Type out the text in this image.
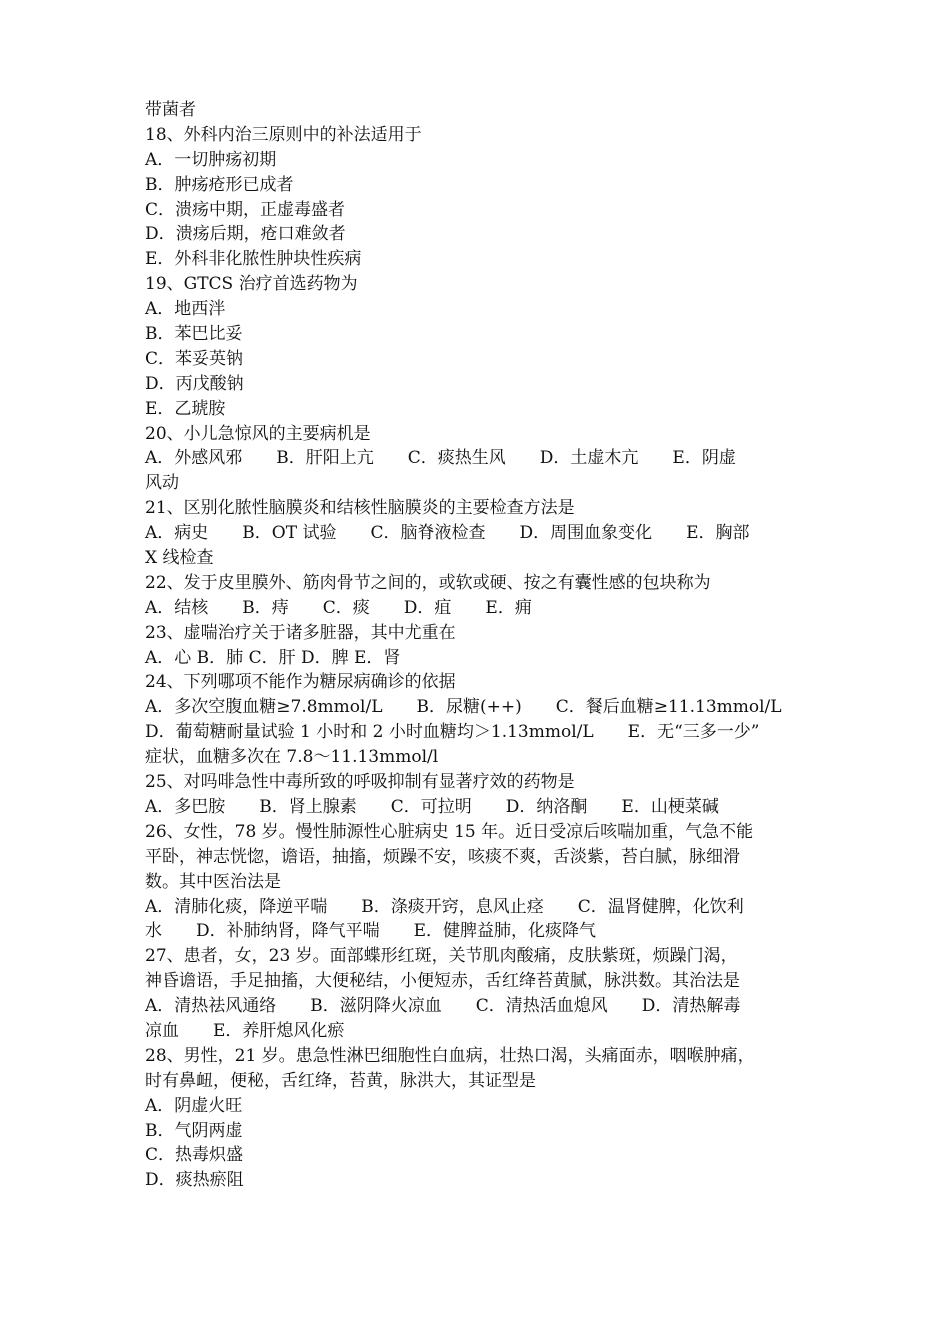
带菌者
18、外科内治三原则中的补法适用于
A．一切肿疡初期
B．肿疡疮形已成者
C．溃疡中期，正虚毒盛者
D．溃疡后期，疮口难敛者
E．外科非化脓性肿块性疾病
19、GTCS 治疗首选药物为
A．地西泮
B．苯巴比妥
C．苯妥英钠
D．丙戊酸钠
E．乙琥胺
20、小儿急惊风的主要病机是
A．外感风邪　　B．肝阳上亢　　C．痰热生风　　D．土虚木亢　　E．阴虚
风动
21、区别化脓性脑膜炎和结核性脑膜炎的主要检查方法是
A．病史　　B．OT 试验　　C．脑脊液检查　　D．周围血象变化　　E．胸部
X 线检查
22、发于皮里膜外、筋肉骨节之间的，或软或硬、按之有囊性感的包块称为
A．结核　　B．痔　　C．痰　　D．疽　　E．痈
23、虚喘治疗关于诸多脏器，其中尤重在
A．心 B．肺 C．肝 D．脾 E．肾
24、下列哪项不能作为糖尿病确诊的依据
A．多次空腹血糖≥7.8mmol/L　　B．尿糖(++)　　C．餐后血糖≥11.13mmol/L
D．葡萄糖耐量试验 1 小时和 2 小时血糖均＞1.13mmol/L　　E．无“三多一少”
症状，血糖多次在 7.8～11.13mmol/l
25、对吗啡急性中毒所致的呼吸抑制有显著疗效的药物是
A．多巴胺　　B．肾上腺素　　C．可拉明　　D．纳洛酮　　E．山梗菜碱
26、女性，78 岁。慢性肺源性心脏病史 15 年。近日受凉后咳喘加重，气急不能
平卧，神志恍惚，谵语，抽搐，烦躁不安，咳痰不爽，舌淡紫，苔白腻，脉细滑
数。其中医治法是
A．清肺化痰，降逆平喘　　B．涤痰开窍，息风止痉　　C．温肾健脾，化饮利
水　　D．补肺纳肾，降气平喘　　E．健脾益肺，化痰降气
27、患者，女，23 岁。面部蝶形红斑，关节肌肉酸痛，皮肤紫斑，烦躁门渴，
神昏谵语，手足抽搐，大便秘结，小便短赤，舌红绛苔黄腻，脉洪数。其治法是
A．清热祛风通络　　B．滋阴降火凉血　　C．清热活血熄风　　D．清热解毒
凉血　　E．养肝熄风化瘀
28、男性，21 岁。患急性淋巴细胞性白血病，壮热口渴，头痛面赤，咽喉肿痛，
时有鼻衄，便秘，舌红绛，苔黄，脉洪大，其证型是
A．阴虚火旺
B．气阴两虚
C．热毒炽盛
D．痰热瘀阻
